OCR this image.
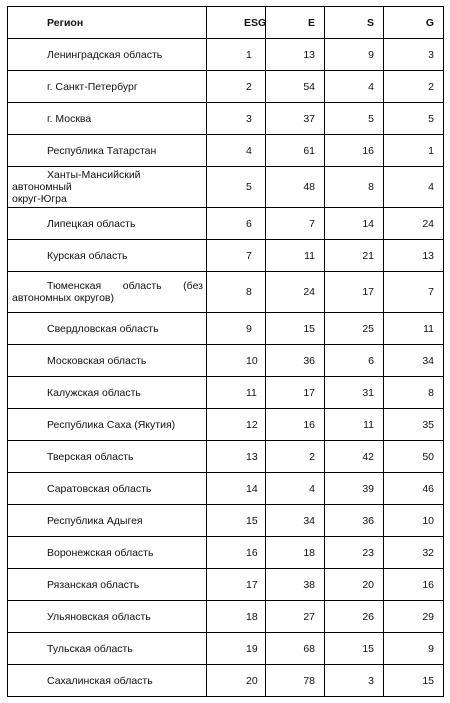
Регион	ESG	E	S	G
Ленинградская область	1	13	9	3
г. Санкт-Петербург	2	54	4	2
г. Москва	3	37	5	5
Республика Татарстан	4	61	16	1

Ханты-Мансийский автономный
округ-Югра	5	48	8	4
Липецкая область	6	7	14	24
Курская область	7	11	21	13

Тюменская область (без
автономных округов)	8	24	17	7
Свердловская область	9	15	25	11
Московская область	10	36	6	34
Калужская область	11	17	31	8
Республика Саха (Якутия)	12	16	11	35
Тверская область	13	2	42	50
Саратовская область	14	4	39	46
Республика Адыгея	15	34	36	10
Воронежская область	16	18	23	32
Рязанская область	17	38	20	16
Ульяновская область	18	27	26	29
Тульская область	19	68	15	9
Сахалинская область	20	78	3	15
